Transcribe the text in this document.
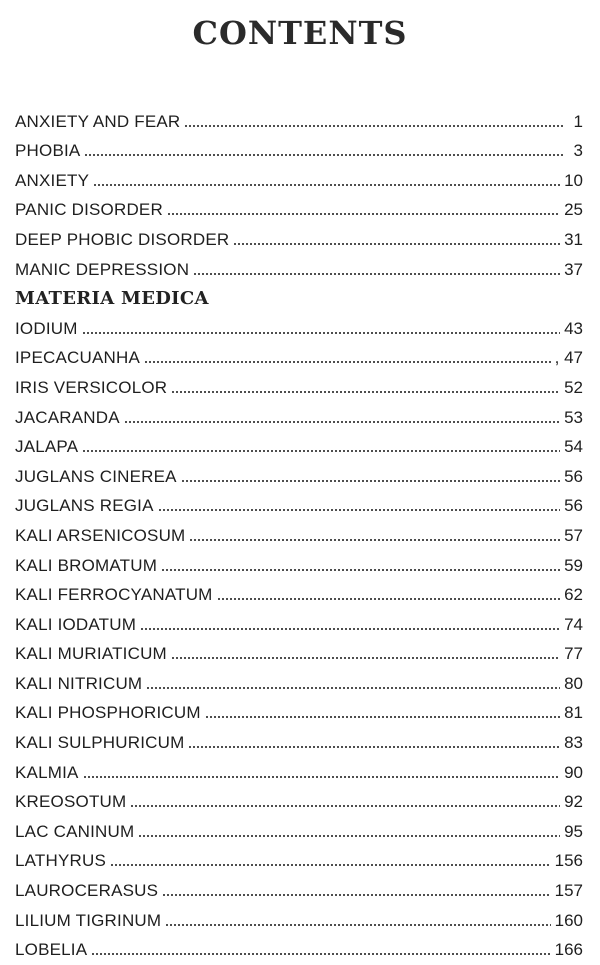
CONTENTS
ANXIETY AND FEAR	1
PHOBIA	3
ANXIETY	10
PANIC DISORDER	25
DEEP PHOBIC DISORDER	31
MANIC DEPRESSION	37
MATERIA MEDICA
IODIUM	43
IPECACUANHA	, 47
IRIS VERSICOLOR	52
JACARANDA	53
JALAPA	54
JUGLANS CINEREA	56
JUGLANS REGIA	56
KALI ARSENICOSUM	57
KALI BROMATUM	59
KALI FERROCYANATUM	62
KALI IODATUM	74
KALI MURIATICUM	77
KALI NITRICUM	80
KALI PHOSPHORICUM	81
KALI SULPHURICUM	83
KALMIA	90
KREOSOTUM	92
LAC CANINUM	95
LATHYRUS	156
LAUROCERASUS	157
LILIUM TIGRINUM	160
LOBELIA	166
